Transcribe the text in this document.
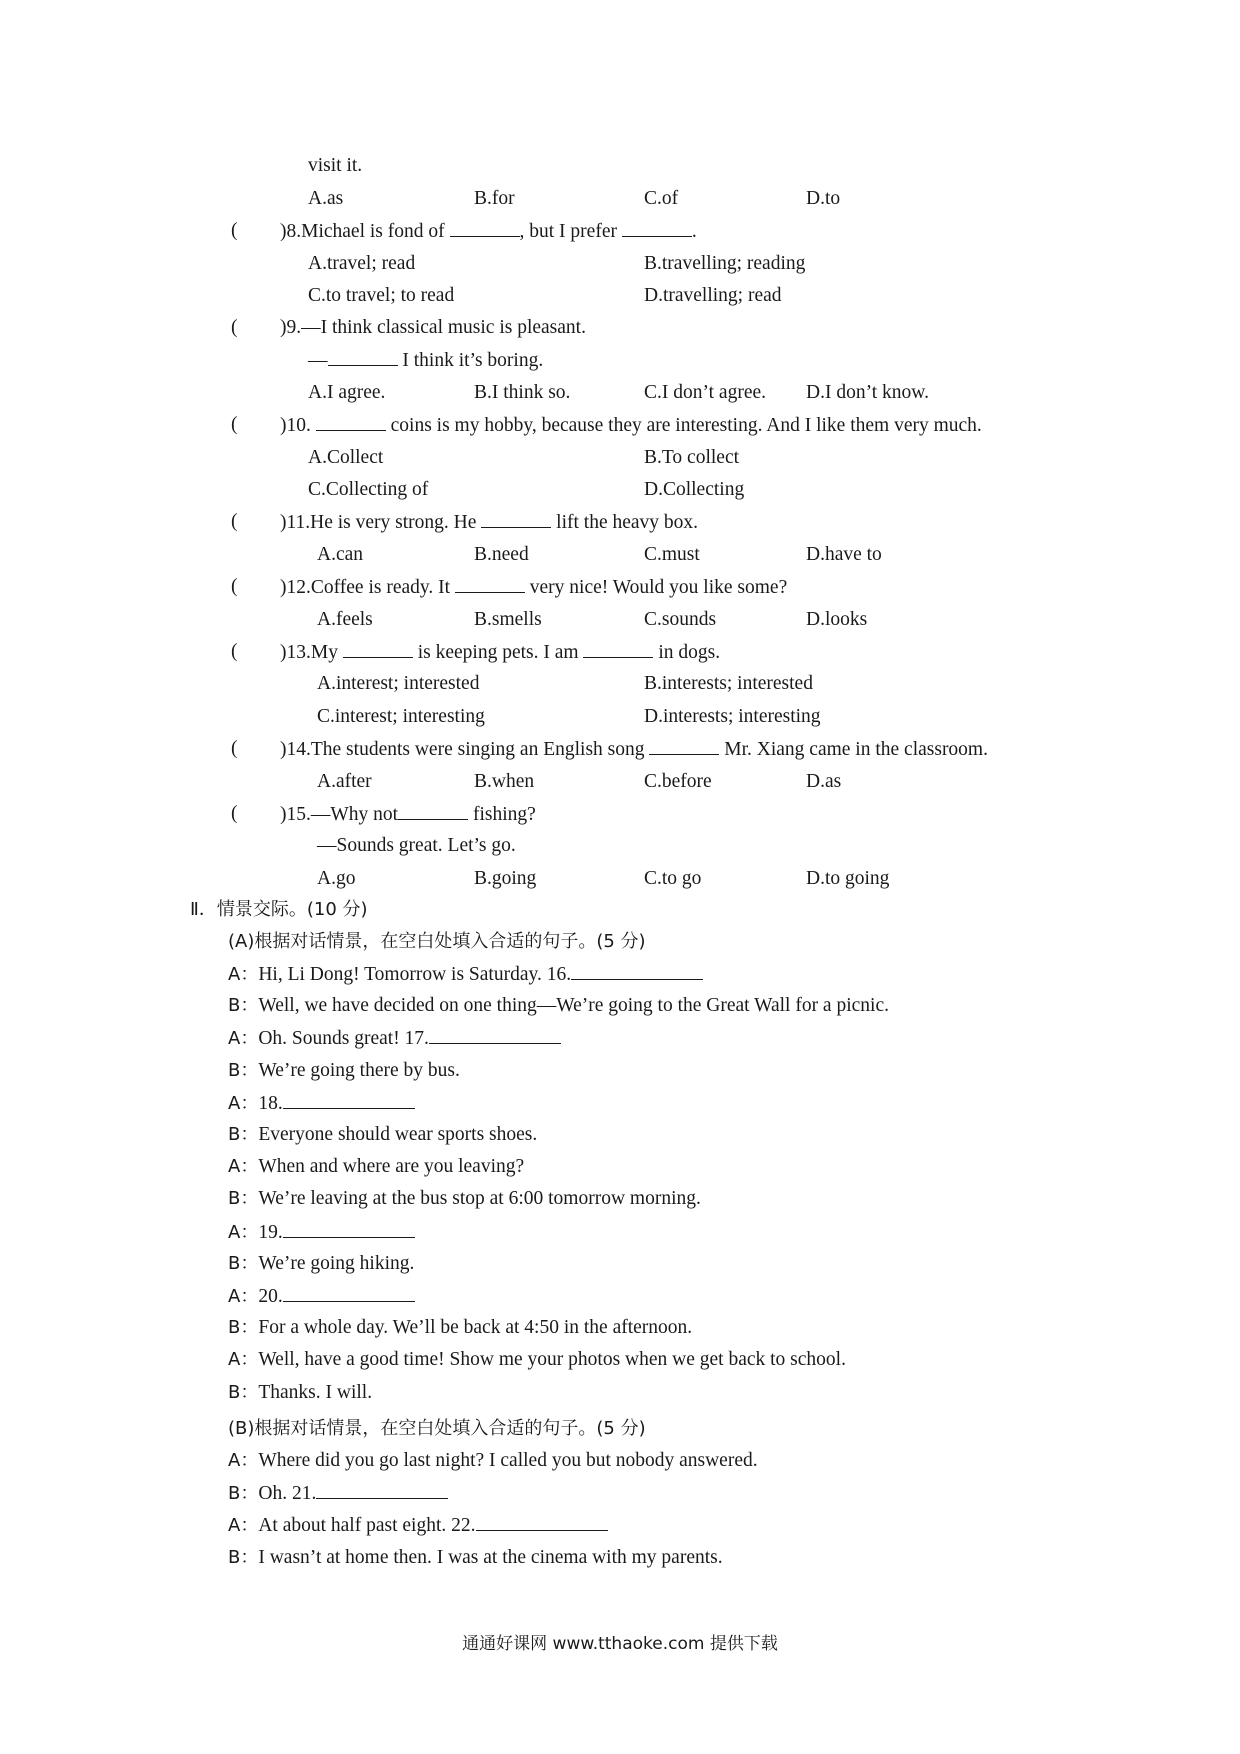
visit it.
A.as	B.for	C.of	D.to
( )8.Michael is fond of	, but I prefer	.
A.travel; read	B.travelling; reading
C.to travel; to read	D.travelling; read
( )9.—I think classical music is pleasant.
—	I think it’s boring.
A.I agree.	B.I think so.	C.I don’t agree. D.I don’t know.
( )10.	coins is my hobby, because they are interesting. And I like them very much.
A.Collect	B.To collect
C.Collecting of	D.Collecting
( )11.He is very strong. He	lift the heavy box.
A.can	B.need	C.must	D.have to
( )12.Coffee is ready. It	very nice! Would you like some?
A.feels	B.smells	C.sounds	D.looks
( )13.My	is keeping pets. I am	in dogs.
A.interest; interested	B.interests; interested
C.interest; interesting	D.interests; interesting
( )14.The students were singing an English song	Mr. Xiang came in the classroom.
A.after	B.when	C.before	D.as
( )15.—Why not	fishing?
—Sounds great. Let’s go.
A.go	B.going	C.to go	D.to going
Ⅱ．情景交际。(10 分)
(A)根据对话情景，在空白处填入合适的句子。(5 分)
A：Hi, Li Dong! Tomorrow is Saturday. 16.
B：Well, we have decided on one thing—We’re going to the Great Wall for a picnic.
A：Oh. Sounds great! 17.
B：We’re going there by bus.
A：18.
B：Everyone should wear sports shoes.
A：When and where are you leaving?
B：We’re leaving at the bus stop at 6:00 tomorrow morning.
A：19.
B：We’re going hiking.
A：20.
B：For a whole day. We’ll be back at 4:50 in the afternoon.
A：Well, have a good time! Show me your photos when we get back to school.
B：Thanks. I will.
(B)根据对话情景，在空白处填入合适的句子。(5 分)
A：Where did you go last night? I called you but nobody answered.
B：Oh. 21.
A：At about half past eight. 22.
B：I wasn’t at home then. I was at the cinema with my parents.
通通好课网 www.tthaoke.com 提供下载
